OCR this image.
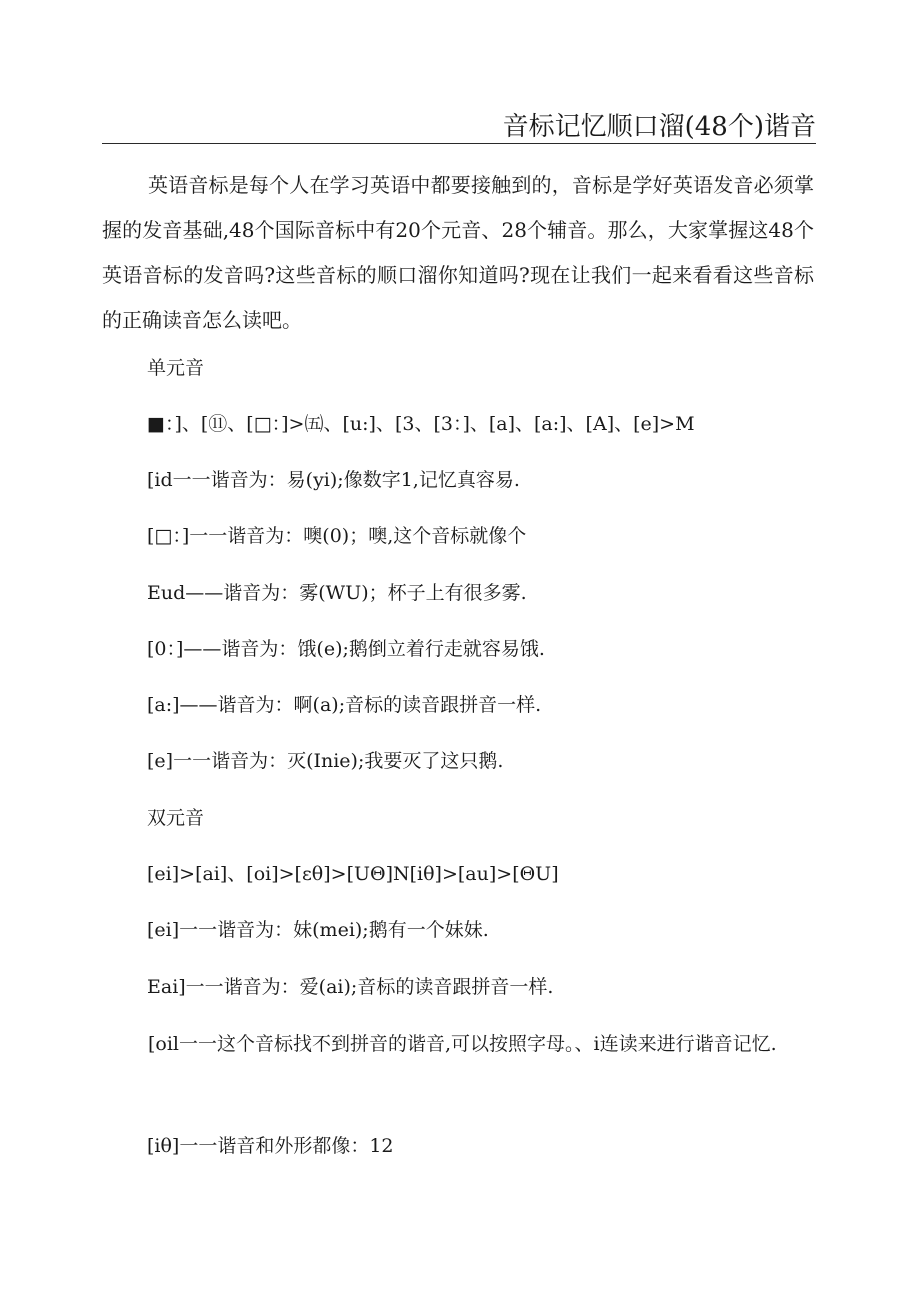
音标记忆顺口溜(48个)谐音
英语音标是每个人在学习英语中都要接触到的，音标是学好英语发音必须掌握的发音基础,48个国际音标中有20个元音、28个辅音。那么，大家掌握这48个英语音标的发音吗?这些音标的顺口溜你知道吗?现在让我们一起来看看这些音标的正确读音怎么读吧。
单元音
■：]、[⑪、[□：]>㈤、[u:]、[3、[3：]、[a]、[a:]、[A]、[e]>M
[id一一谐音为：易(yi);像数字1,记忆真容易.
[□：]一一谐音为：噢(0)；噢,这个音标就像个
Eud——谐音为：雾(WU)；杯子上有很多雾.
[0：]——谐音为：饿(e);鹅倒立着行走就容易饿.
[a:]——谐音为：啊(a);音标的读音跟拼音一样.
[e]一一谐音为：灭(Inie);我要灭了这只鹅.
双元音
[ei]>[ai]、[oi]>[εθ]>[UΘ]N[iθ]>[au]>[ΘU]
[ei]一一谐音为：妹(mei);鹅有一个妹妹.
Eai]一一谐音为：爱(ai);音标的读音跟拼音一样.
[oil一一这个音标找不到拼音的谐音,可以按照字母。、i连读来进行谐音记忆.
[iθ]一一谐音和外形都像：12
